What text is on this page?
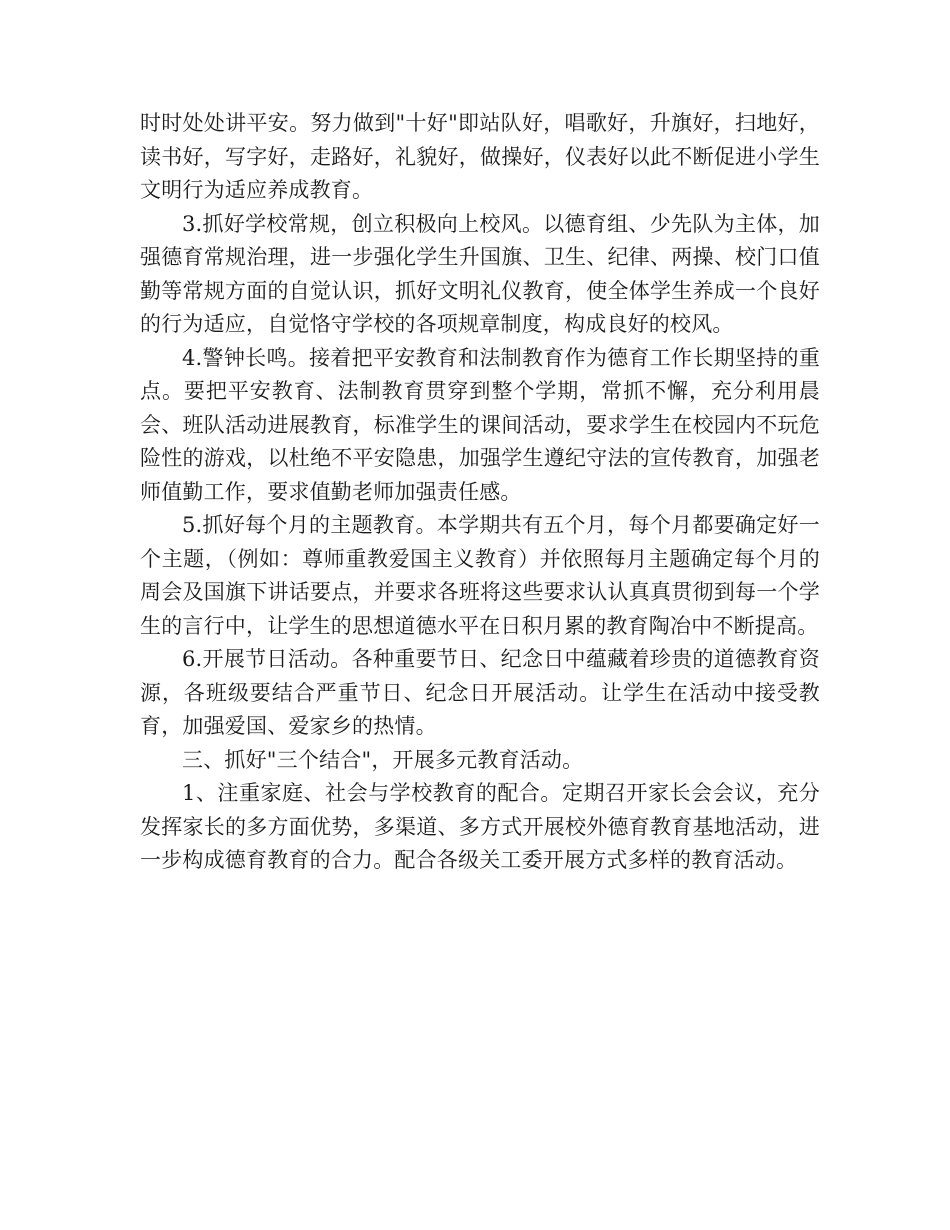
时时处处讲平安。努力做到"十好"即站队好，唱歌好，升旗好，扫地好，读书好，写字好，走路好，礼貌好，做操好，仪表好以此不断促进小学生文明行为适应养成教育。

3.抓好学校常规，创立积极向上校风。以德育组、少先队为主体，加强德育常规治理，进一步强化学生升国旗、卫生、纪律、两操、校门口值勤等常规方面的自觉认识，抓好文明礼仪教育，使全体学生养成一个良好的行为适应，自觉恪守学校的各项规章制度，构成良好的校风。

4.警钟长鸣。接着把平安教育和法制教育作为德育工作长期坚持的重点。要把平安教育、法制教育贯穿到整个学期，常抓不懈，充分利用晨会、班队活动进展教育，标准学生的课间活动，要求学生在校园内不玩危险性的游戏，以杜绝不平安隐患，加强学生遵纪守法的宣传教育，加强老师值勤工作，要求值勤老师加强责任感。

5.抓好每个月的主题教育。本学期共有五个月，每个月都要确定好一个主题，（例如：尊师重教爱国主义教育）并依照每月主题确定每个月的周会及国旗下讲话要点，并要求各班将这些要求认认真真贯彻到每一个学生的言行中，让学生的思想道德水平在日积月累的教育陶冶中不断提高。

6.开展节日活动。各种重要节日、纪念日中蕴藏着珍贵的道德教育资源，各班级要结合严重节日、纪念日开展活动。让学生在活动中接受教育，加强爱国、爱家乡的热情。

三、抓好"三个结合"，开展多元教育活动。

1、注重家庭、社会与学校教育的配合。定期召开家长会会议，充分发挥家长的多方面优势，多渠道、多方式开展校外德育教育基地活动，进一步构成德育教育的合力。配合各级关工委开展方式多样的教育活动。
